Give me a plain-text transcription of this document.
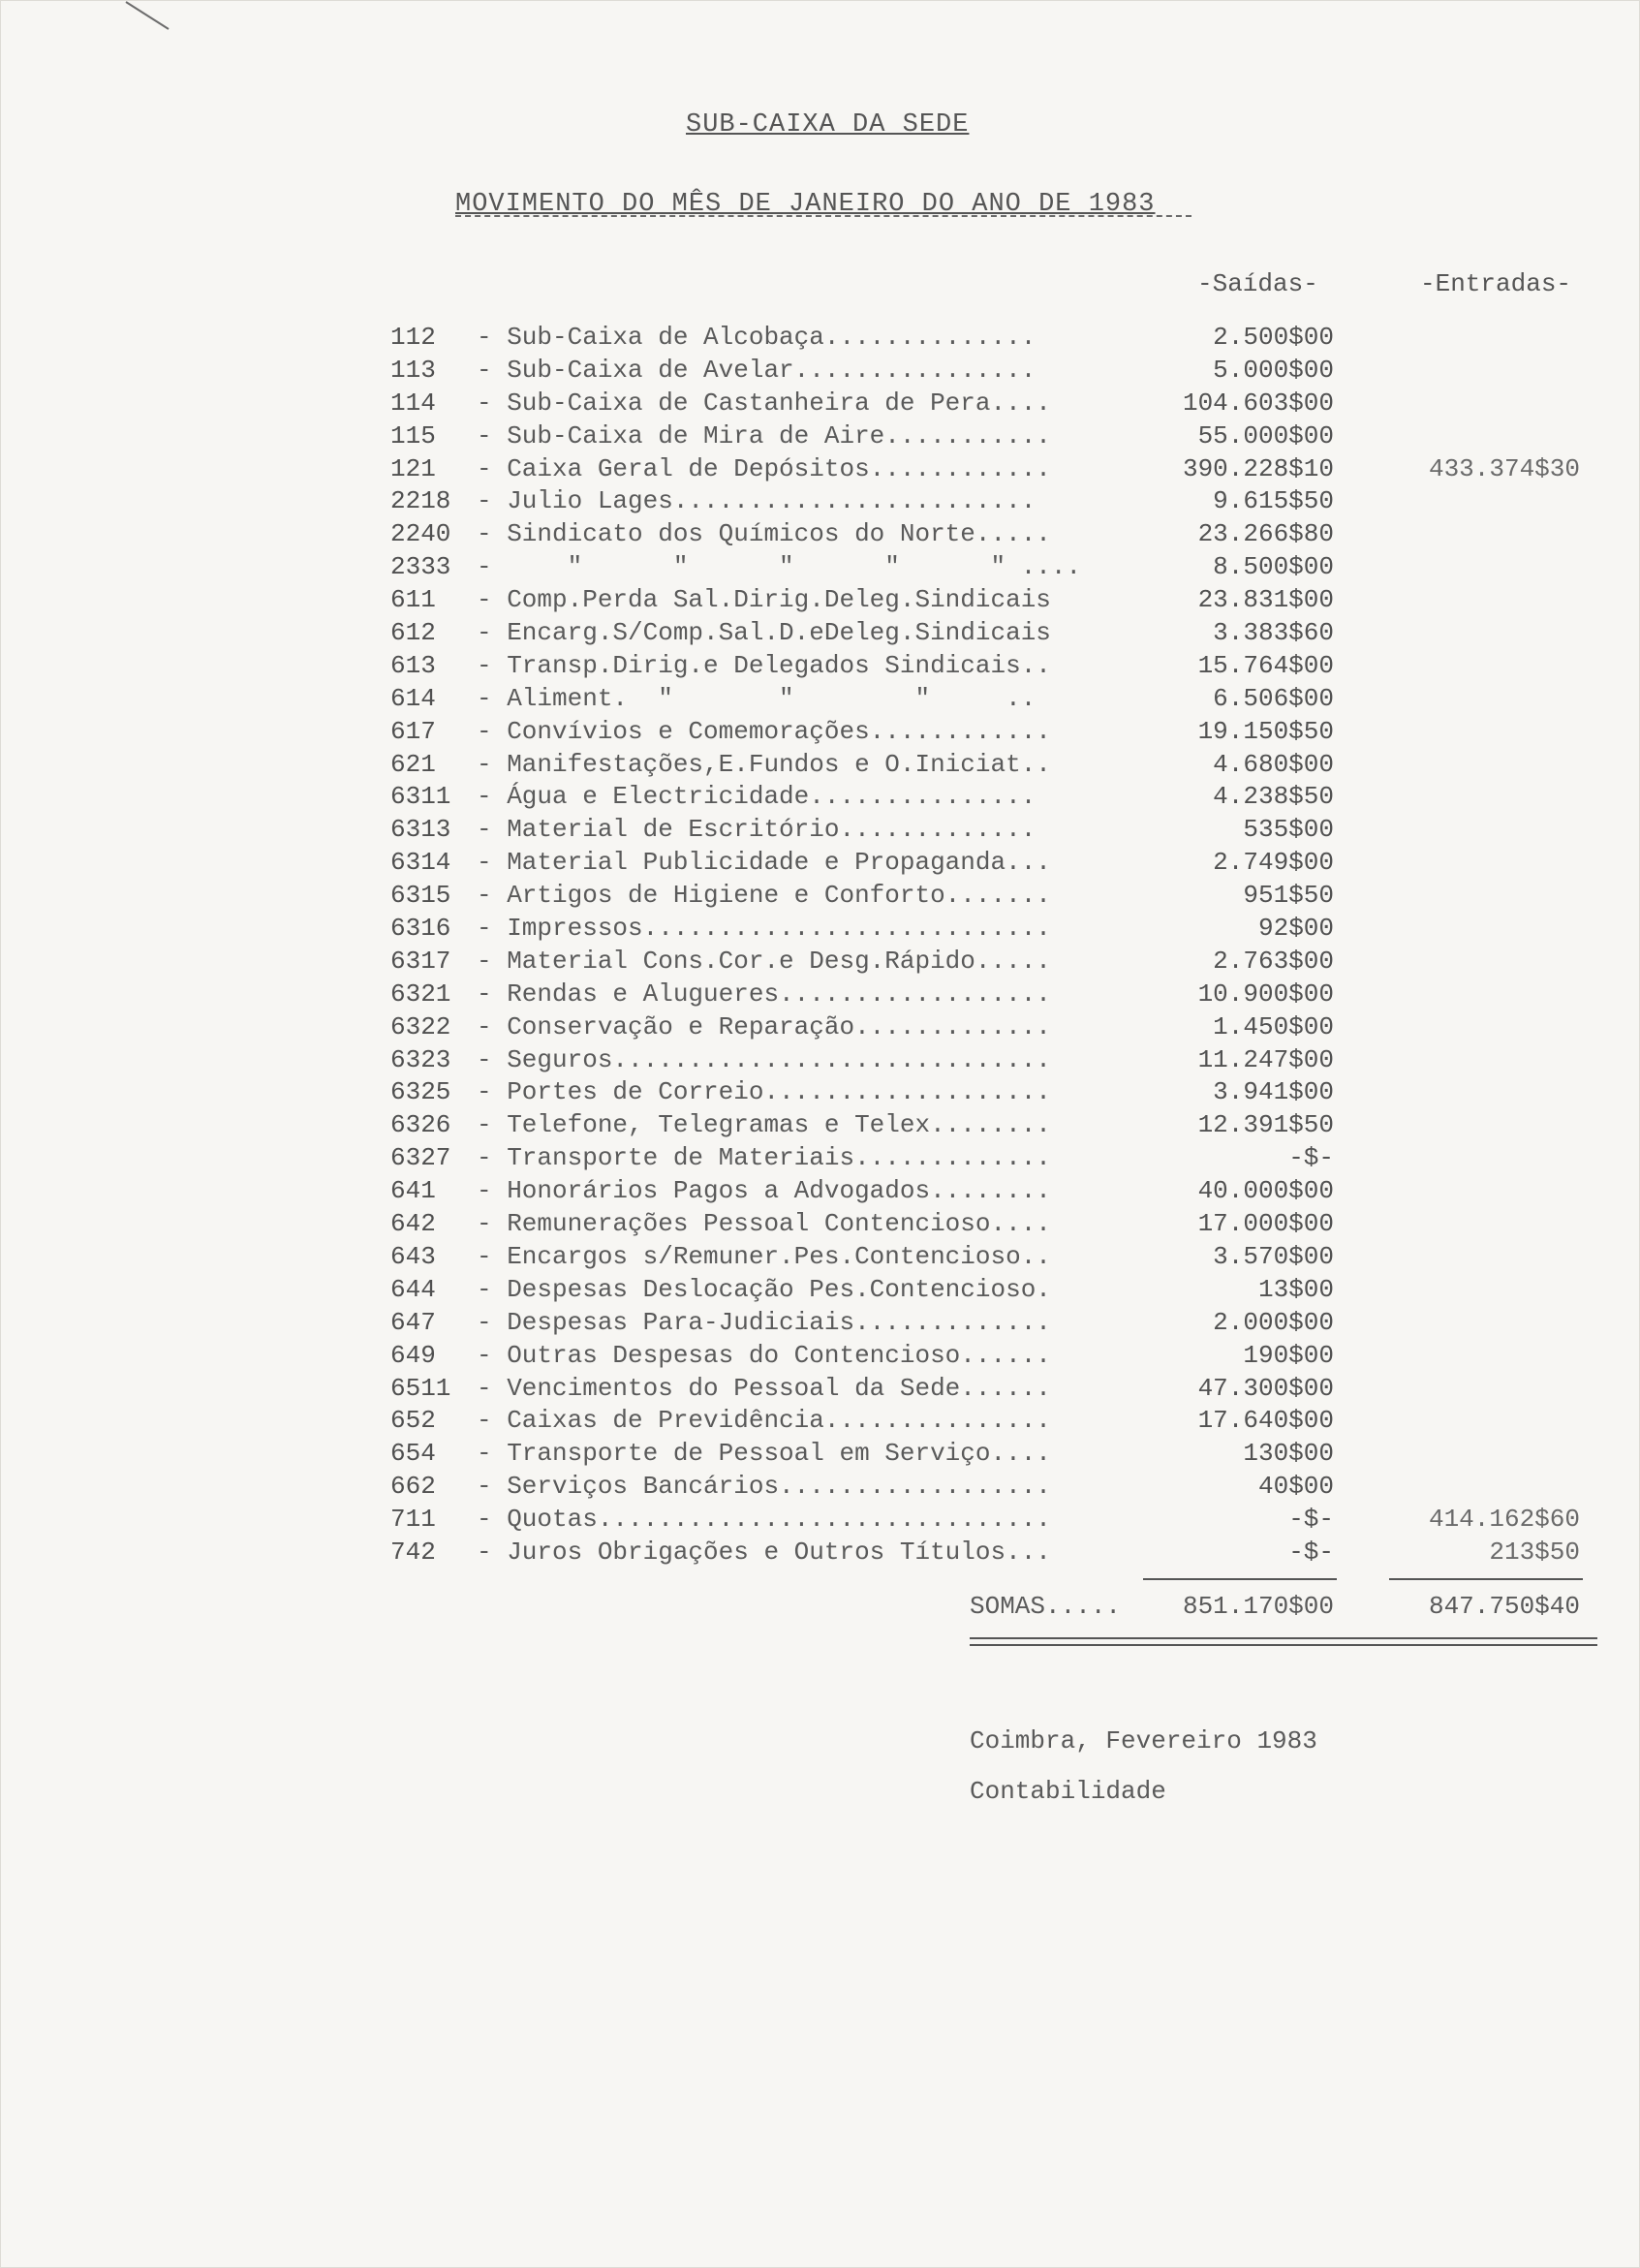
SUB-CAIXA DA SEDE
MOVIMENTO DO MÊS DE JANEIRO DO ANO DE 1983
-Saídas-	-Entradas-
112 - Sub-Caixa de Alcobaça..............	2.500$00
113 - Sub-Caixa de Avelar................	5.000$00
114 - Sub-Caixa de Castanheira de Pera....	104.603$00
115 - Sub-Caixa de Mira de Aire...........	55.000$00
121 - Caixa Geral de Depósitos............	390.228$10	433.374$30
2218 - Julio Lages........................	9.615$50
2240 - Sindicato dos Químicos do Norte.....	23.266$80
2333 -     "      "      "      "      " ....	8.500$00
611 - Comp.Perda Sal.Dirig.Deleg.Sindicais	23.831$00
612 - Encarg.S/Comp.Sal.D.eDeleg.Sindicais	3.383$60
613 - Transp.Dirig.e Delegados Sindicais..	15.764$00
614 - Aliment.  "       "        "     ..	6.506$00
617 - Convívios e Comemorações............	19.150$50
621 - Manifestações,E.Fundos e O.Iniciat..	4.680$00
6311 - Água e Electricidade...............	4.238$50
6313 - Material de Escritório.............	535$00
6314 - Material Publicidade e Propaganda...	2.749$00
6315 - Artigos de Higiene e Conforto.......	951$50
6316 - Impressos...........................	92$00
6317 - Material Cons.Cor.e Desg.Rápido.....	2.763$00
6321 - Rendas e Alugueres..................	10.900$00
6322 - Conservação e Reparação.............	1.450$00
6323 - Seguros.............................	11.247$00
6325 - Portes de Correio...................	3.941$00
6326 - Telefone, Telegramas e Telex........	12.391$50
6327 - Transporte de Materiais.............	-$-
641 - Honorários Pagos a Advogados........	40.000$00
642 - Remunerações Pessoal Contencioso....	17.000$00
643 - Encargos s/Remuner.Pes.Contencioso..	3.570$00
644 - Despesas Deslocação Pes.Contencioso.	13$00
647 - Despesas Para-Judiciais.............	2.000$00
649 - Outras Despesas do Contencioso......	190$00
6511 - Vencimentos do Pessoal da Sede......	47.300$00
652 - Caixas de Previdência...............	17.640$00
654 - Transporte de Pessoal em Serviço....	130$00
662 - Serviços Bancários..................	40$00
711 - Quotas..............................	-$-	414.162$60
742 - Juros Obrigações e Outros Títulos...	-$-	213$50
SOMAS..... 851.170$00	847.750$40
Coimbra, Fevereiro 1983
Contabilidade
